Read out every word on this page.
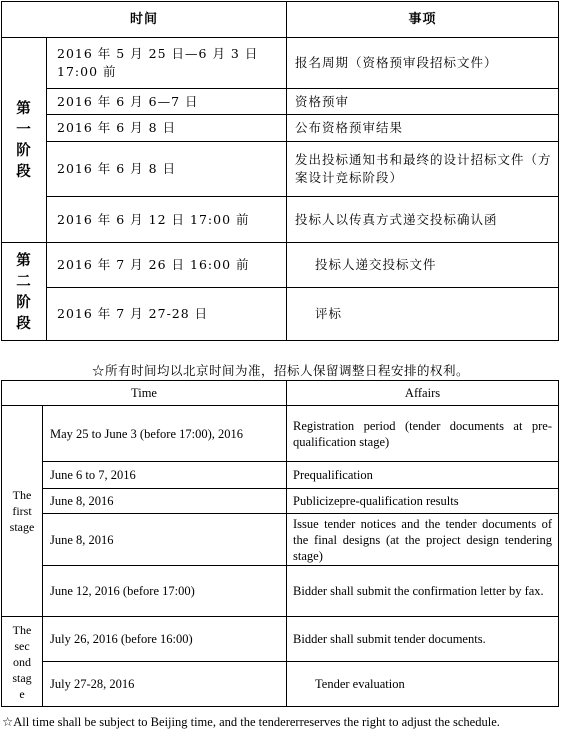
时间		事项

第
一
阶
段	2016 年 5 月 25 日—6 月 3 日 17:00 前	报名周期（资格预审段招标文件）
	2016 年 6 月 6—7 日	资格预审
	2016 年 6 月 8 日	公布资格预审结果
	2016 年 6 月 8 日	发出投标通知书和最终的设计招标文件（方案设计竞标阶段）
	2016 年 6 月 12 日 17:00 前	投标人以传真方式递交投标确认函

第
二
阶
段	2016 年 7 月 26 日 16:00 前	投标人递交投标文件
	2016 年 7 月 27-28 日	评标
☆所有时间均以北京时间为准，招标人保留调整日程安排的权利。
Time		Affairs
The first stage	May 25 to June 3 (before 17:00), 2016	Registration period (tender documents at pre-qualification stage)
	June 6 to 7, 2016	Prequalification
	June 8, 2016	Publicizepre-qualification results
	June 8, 2016	Issue tender notices and the tender documents of the final designs (at the project design tendering stage)
	June 12, 2016 (before 17:00)	Bidder shall submit the confirmation letter by fax.

The
sec
ond
stag
e	July 26, 2016 (before 16:00)	Bidder shall submit tender documents.
	July 27-28, 2016	Tender evaluation
☆All time shall be subject to Beijing time, and the tendererreserves the right to adjust the schedule.
